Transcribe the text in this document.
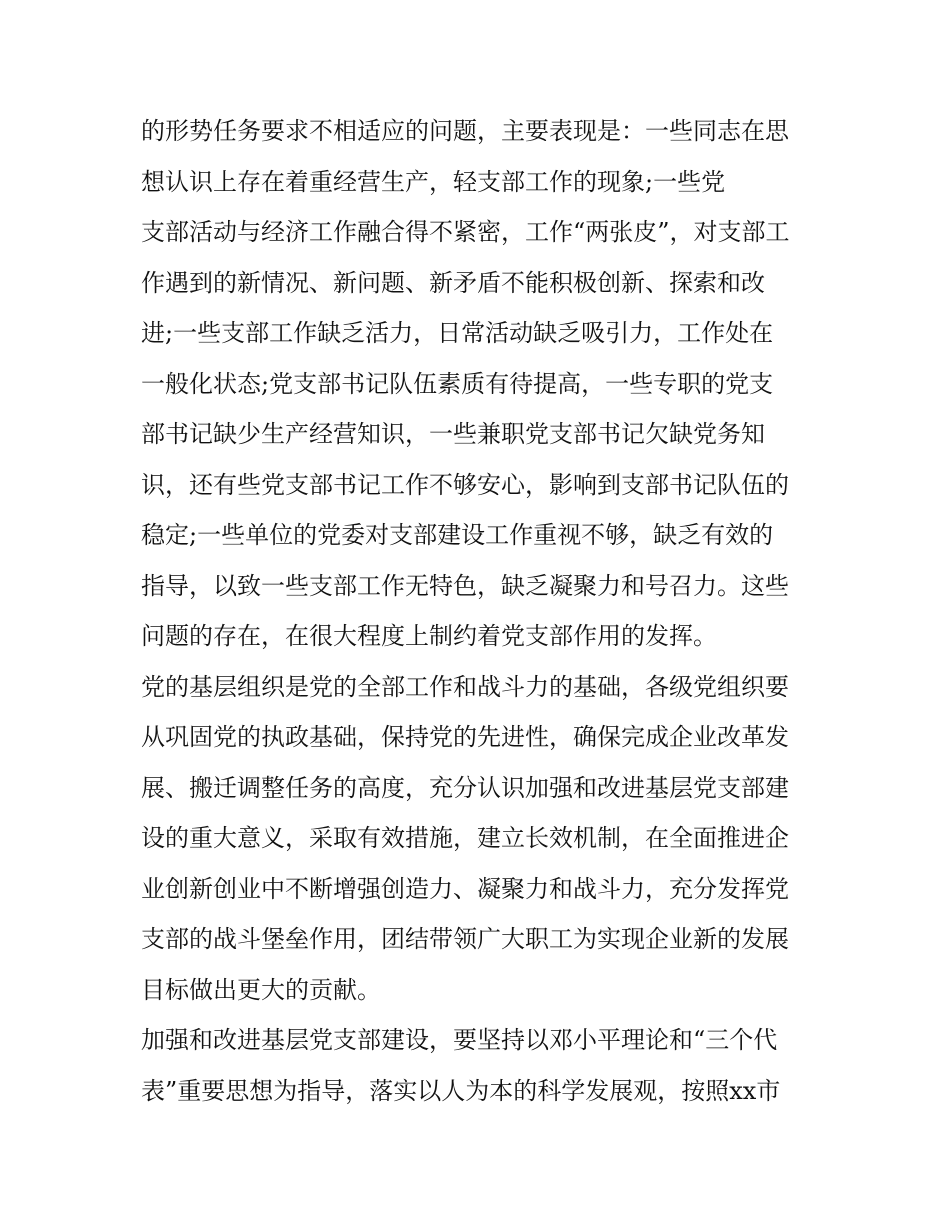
的形势任务要求不相适应的问题，主要表现是：一些同志在思
想认识上存在着重经营生产，轻支部工作的现象;一些党
支部活动与经济工作融合得不紧密，工作“两张皮”，对支部工
作遇到的新情况、新问题、新矛盾不能积极创新、探索和改
进;一些支部工作缺乏活力，日常活动缺乏吸引力，工作处在
一般化状态;党支部书记队伍素质有待提高，一些专职的党支
部书记缺少生产经营知识，一些兼职党支部书记欠缺党务知
识，还有些党支部书记工作不够安心，影响到支部书记队伍的
稳定;一些单位的党委对支部建设工作重视不够，缺乏有效的
指导，以致一些支部工作无特色，缺乏凝聚力和号召力。这些
问题的存在，在很大程度上制约着党支部作用的发挥。
党的基层组织是党的全部工作和战斗力的基础，各级党组织要
从巩固党的执政基础，保持党的先进性，确保完成企业改革发
展、搬迁调整任务的高度，充分认识加强和改进基层党支部建
设的重大意义，采取有效措施，建立长效机制，在全面推进企
业创新创业中不断增强创造力、凝聚力和战斗力，充分发挥党
支部的战斗堡垒作用，团结带领广大职工为实现企业新的发展
目标做出更大的贡献。
加强和改进基层党支部建设，要坚持以邓小平理论和“三个代
表”重要思想为指导，落实以人为本的科学发展观，按照xx市
